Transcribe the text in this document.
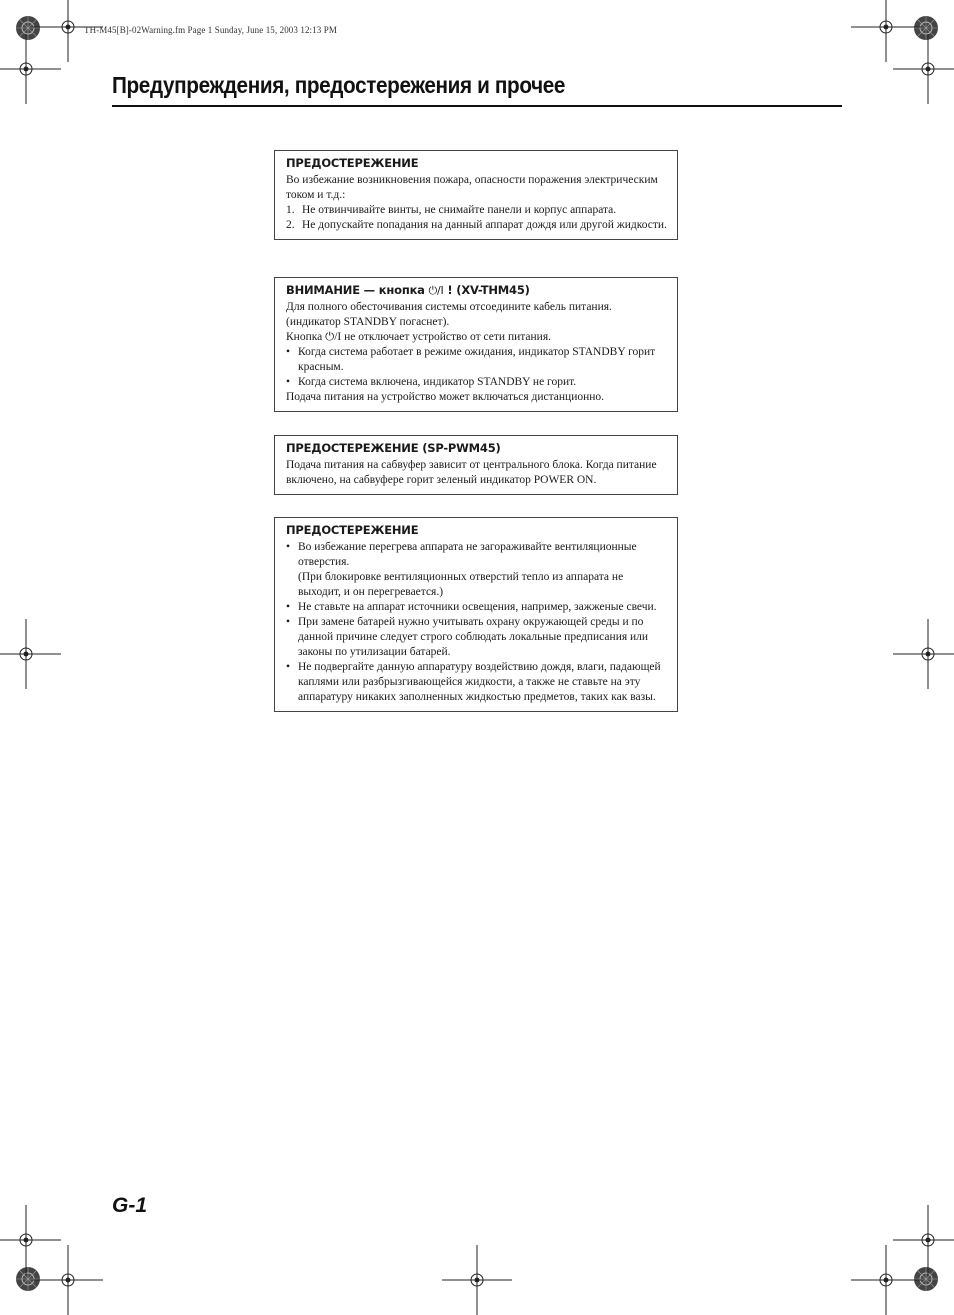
TH-M45[B]-02Warning.fm Page 1 Sunday, June 15, 2003 12:13 PM
Предупреждения, предостережения и прочее
ПРЕДОСТЕРЕЖЕНИЕ

Во избежание возникновения пожара, опасности поражения электрическим током и т.д.:

1. Не отвинчивайте винты, не снимайте панели и корпус аппарата.
2. Не допускайте попадания на данный аппарат дождя или другой жидкости.
ВНИМАНИЕ — кнопка ⏻/I ! (XV-THM45)

Для полного обесточивания системы отсоедините кабель питания. (индикатор STANDBY погаснет).

Кнопка ⏻/I не отключает устройство от сети питания.

• Когда система работает в режиме ожидания, индикатор STANDBY горит красным.
• Когда система включена, индикатор STANDBY не горит.

Подача питания на устройство может включаться дистанционно.

ПРЕДОСТЕРЕЖЕНИЕ (SP-PWM45)

Подача питания на сабвуфер зависит от центрального блока. Когда питание включено, на сабвуфере горит зеленый индикатор POWER ON.

ПРЕДОСТЕРЕЖЕНИЕ
• Во избежание перегрева аппарата не загораживайте вентиляционные отверстия.
(При блокировке вентиляционных отверстий тепло из аппарата не выходит, и он перегревается.)
• Не ставьте на аппарат источники освещения, например, зажженые свечи.
• При замене батарей нужно учитывать охрану окружающей среды и по данной причине следует строго соблюдать локальные предписания или законы по утилизации батарей.
• Не подвергайте данную аппаратуру воздействию дождя, влаги, падающей каплями или разбрызгивающейся жидкости, а также не ставьте на эту аппаратуру никаких заполненных жидкостью предметов, таких как вазы.
G-1
